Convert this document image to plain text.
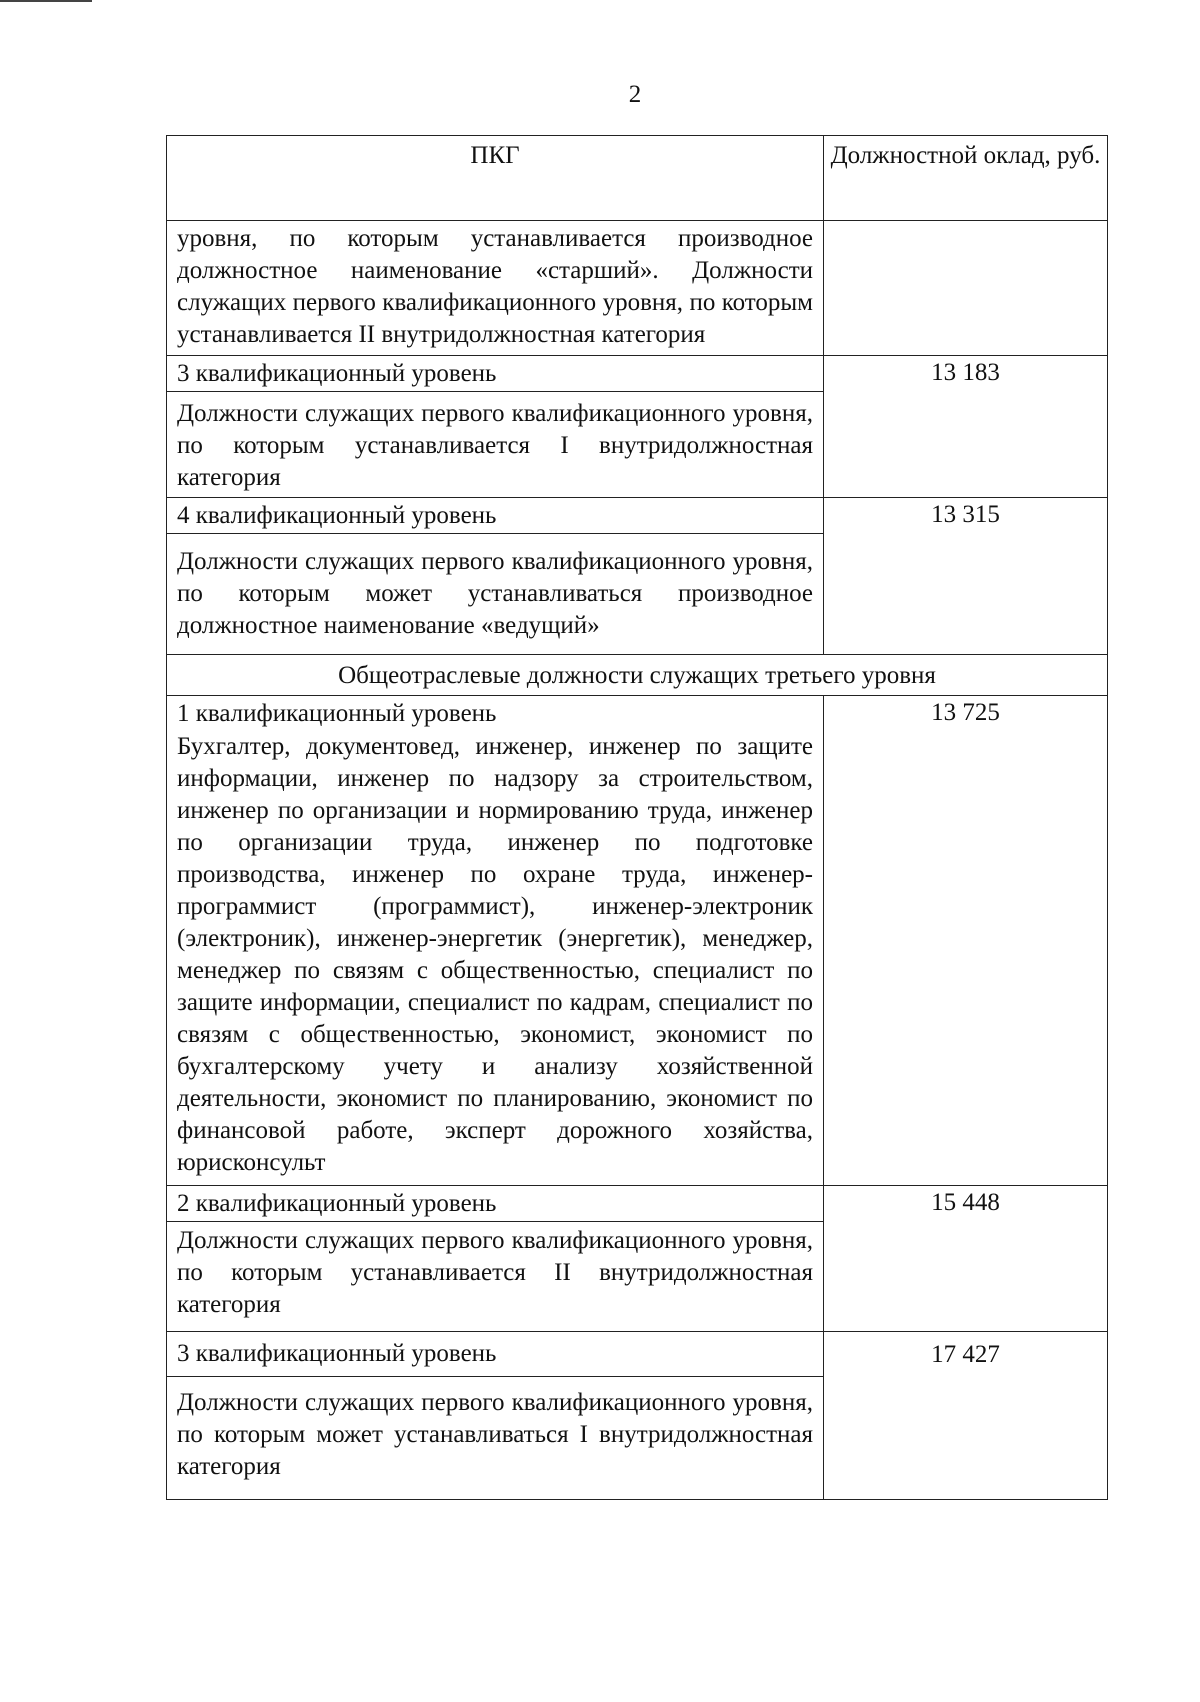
2
ПКГ	Должностной оклад, руб.
уровня, по которым устанавливается производное должностное наименование «старший». Должности служащих первого квалификационного уровня, по которым устанавливается II внутридолжностная категория
3 квалификационный уровень
Должности служащих первого квалификационного уровня, по которым устанавливается I внутридолжностная категория
13 183
4 квалификационный уровень
Должности служащих первого квалификационного уровня, по которым может устанавливаться производное должностное наименование «ведущий»
13 315
Общеотраслевые должности служащих третьего уровня
1 квалификационный уровень
Бухгалтер, документовед, инженер, инженер по защите информации, инженер по надзору за строительством, инженер по организации и нормированию труда, инженер по организации труда, инженер по подготовке производства, инженер по охране труда, инженер-программист (программист), инженер-электроник (электроник), инженер-энергетик (энергетик), менеджер, менеджер по связям с общественностью, специалист по защите информации, специалист по кадрам, специалист по связям с общественностью, экономист, экономист по бухгалтерскому учету и анализу хозяйственной деятельности, экономист по планированию, экономист по финансовой работе, эксперт дорожного хозяйства, юрисконсульт
13 725
2 квалификационный уровень
Должности служащих первого квалификационного уровня, по которым устанавливается II внутридолжностная категория
15 448
3 квалификационный уровень
Должности служащих первого квалификационного уровня, по которым может устанавливаться I внутридолжностная категория
17 427
